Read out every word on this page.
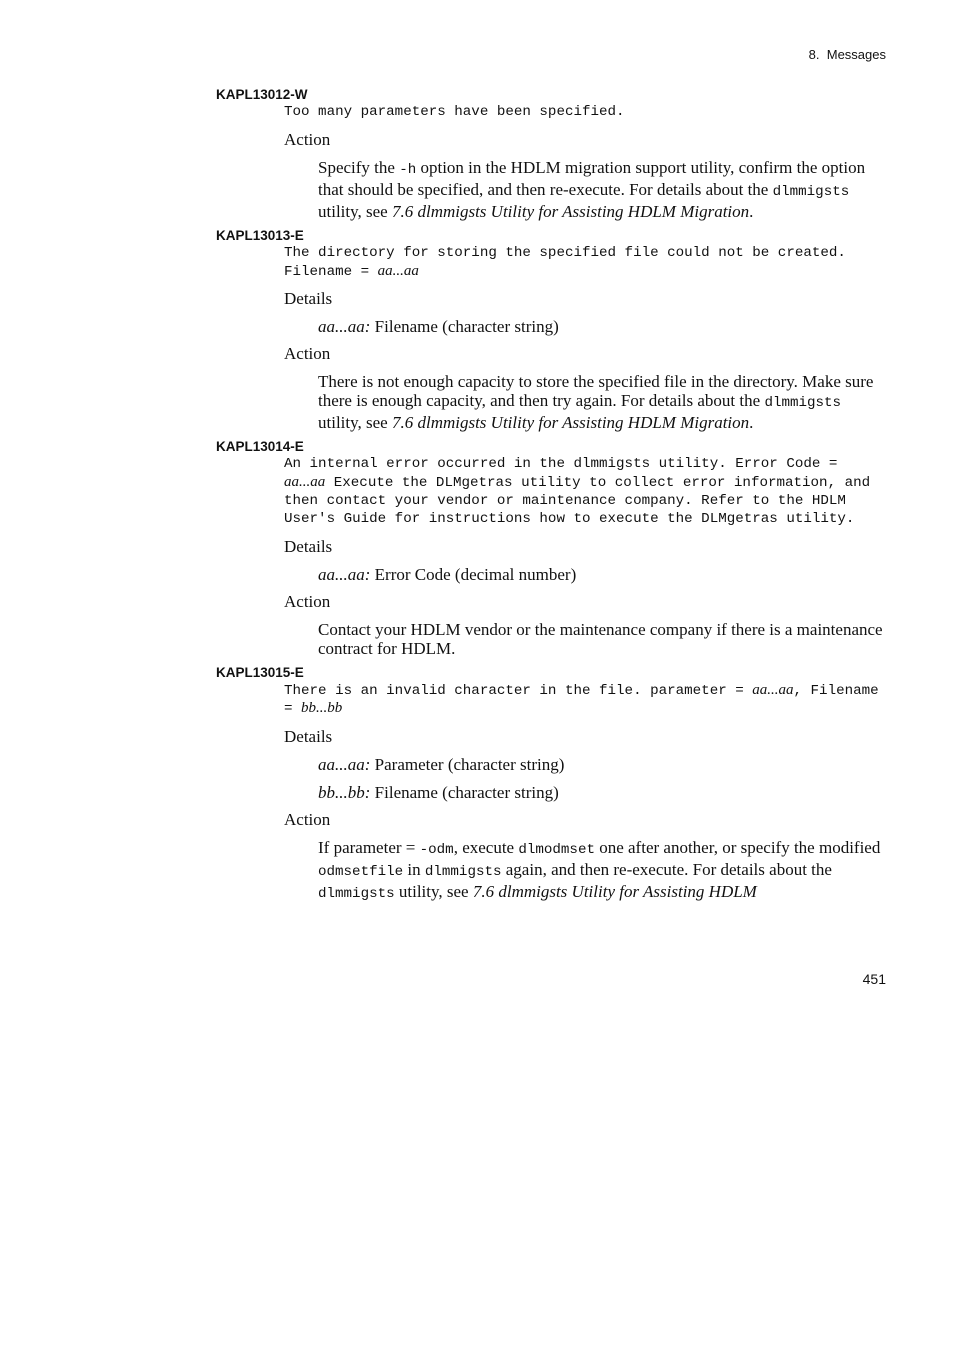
8.  Messages

KAPL13012-W

Too many parameters have been specified.

Action

Specify the -h option in the HDLM migration support utility, confirm the option that should be specified, and then re-execute. For details about the dlmmigsts utility, see 7.6 dlmmigsts Utility for Assisting HDLM Migration.

KAPL13013-E

The directory for storing the specified file could not be created. Filename = aa...aa

Details

aa...aa: Filename (character string)

Action

There is not enough capacity to store the specified file in the directory. Make sure there is enough capacity, and then try again. For details about the dlmmigsts utility, see 7.6 dlmmigsts Utility for Assisting HDLM Migration.

KAPL13014-E

An internal error occurred in the dlmmigsts utility. Error Code = aa...aa Execute the DLMgetras utility to collect error information, and then contact your vendor or maintenance company. Refer to the HDLM User's Guide for instructions how to execute the DLMgetras utility.

Details

aa...aa: Error Code (decimal number)

Action

Contact your HDLM vendor or the maintenance company if there is a maintenance contract for HDLM.

KAPL13015-E

There is an invalid character in the file. parameter = aa...aa, Filename = bb...bb

Details

aa...aa: Parameter (character string)

bb...bb: Filename (character string)

Action

If parameter = -odm, execute dlmodmset one after another, or specify the modified odmsetfile in dlmmigsts again, and then re-execute. For details about the dlmmigsts utility, see 7.6 dlmmigsts Utility for Assisting HDLM

451
